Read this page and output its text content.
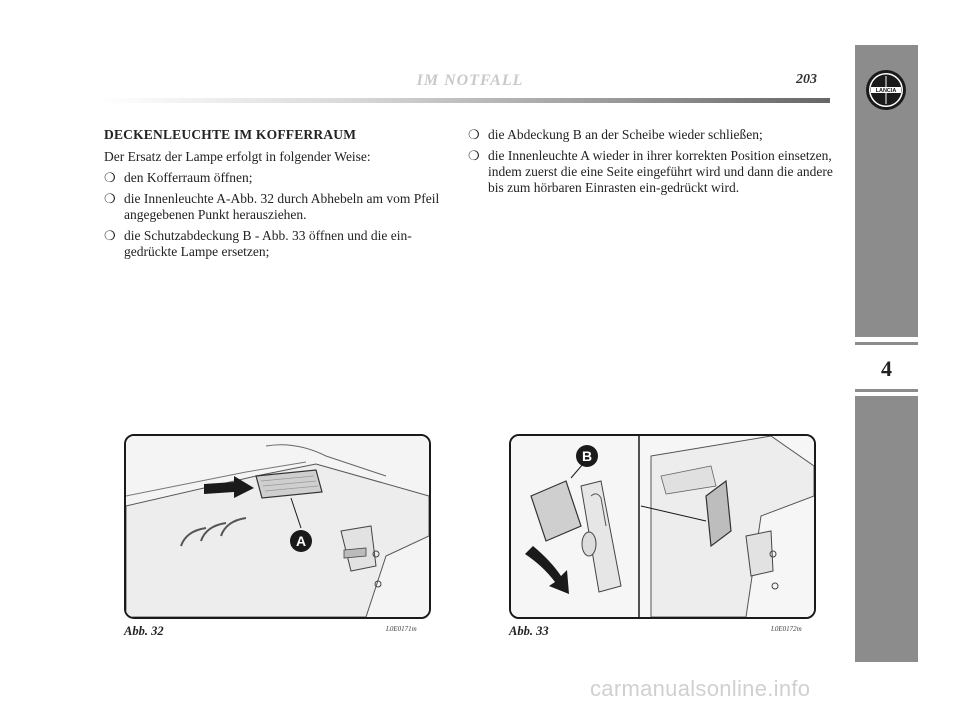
IM NOTFALL	203
4
LANCIA
DECKENLEUCHTE IM KOFFERRAUM
Der Ersatz der Lampe erfolgt in folgender Weise:
❍ den Kofferraum öffnen;
❍ die Innenleuchte A-Abb. 32 durch Abhebeln am vom Pfeil angegebenen Punkt herausziehen.
❍ die Schutzabdeckung B - Abb. 33 öffnen und die ein-gedrückte Lampe ersetzen;
❍ die Abdeckung B an der Scheibe wieder schließen;
❍ die Innenleuchte A wieder in ihrer korrekten Position einsetzen, indem zuerst die eine Seite eingeführt wird und dann die andere bis zum hörbaren Einrasten ein-gedrückt wird.
A
Abb. 32	L0E0171m
B
Abb. 33	L0E0172m
carmanualsonline.info
